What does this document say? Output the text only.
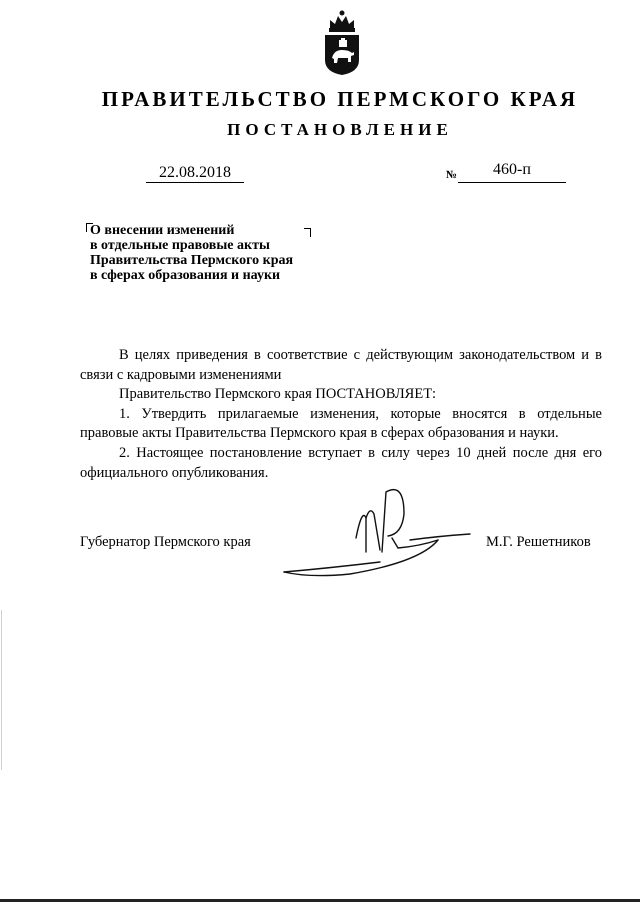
ПРАВИТЕЛЬСТВО ПЕРМСКОГО КРАЯ
ПОСТАНОВЛЕНИЕ
22.08.2018	№	460-п
О внесении изменений
в отдельные правовые акты
Правительства Пермского края
в сферах образования и науки

В целях приведения в соответствие с действующим законодательством и в связи с кадровыми изменениями

Правительство Пермского края ПОСТАНОВЛЯЕТ:

1. Утвердить прилагаемые изменения, которые вносятся в отдельные правовые акты Правительства Пермского края в сферах образования и науки.

2. Настоящее постановление вступает в силу через 10 дней после дня его официального опубликования.

Губернатор Пермского края	М.Г. Решетников
